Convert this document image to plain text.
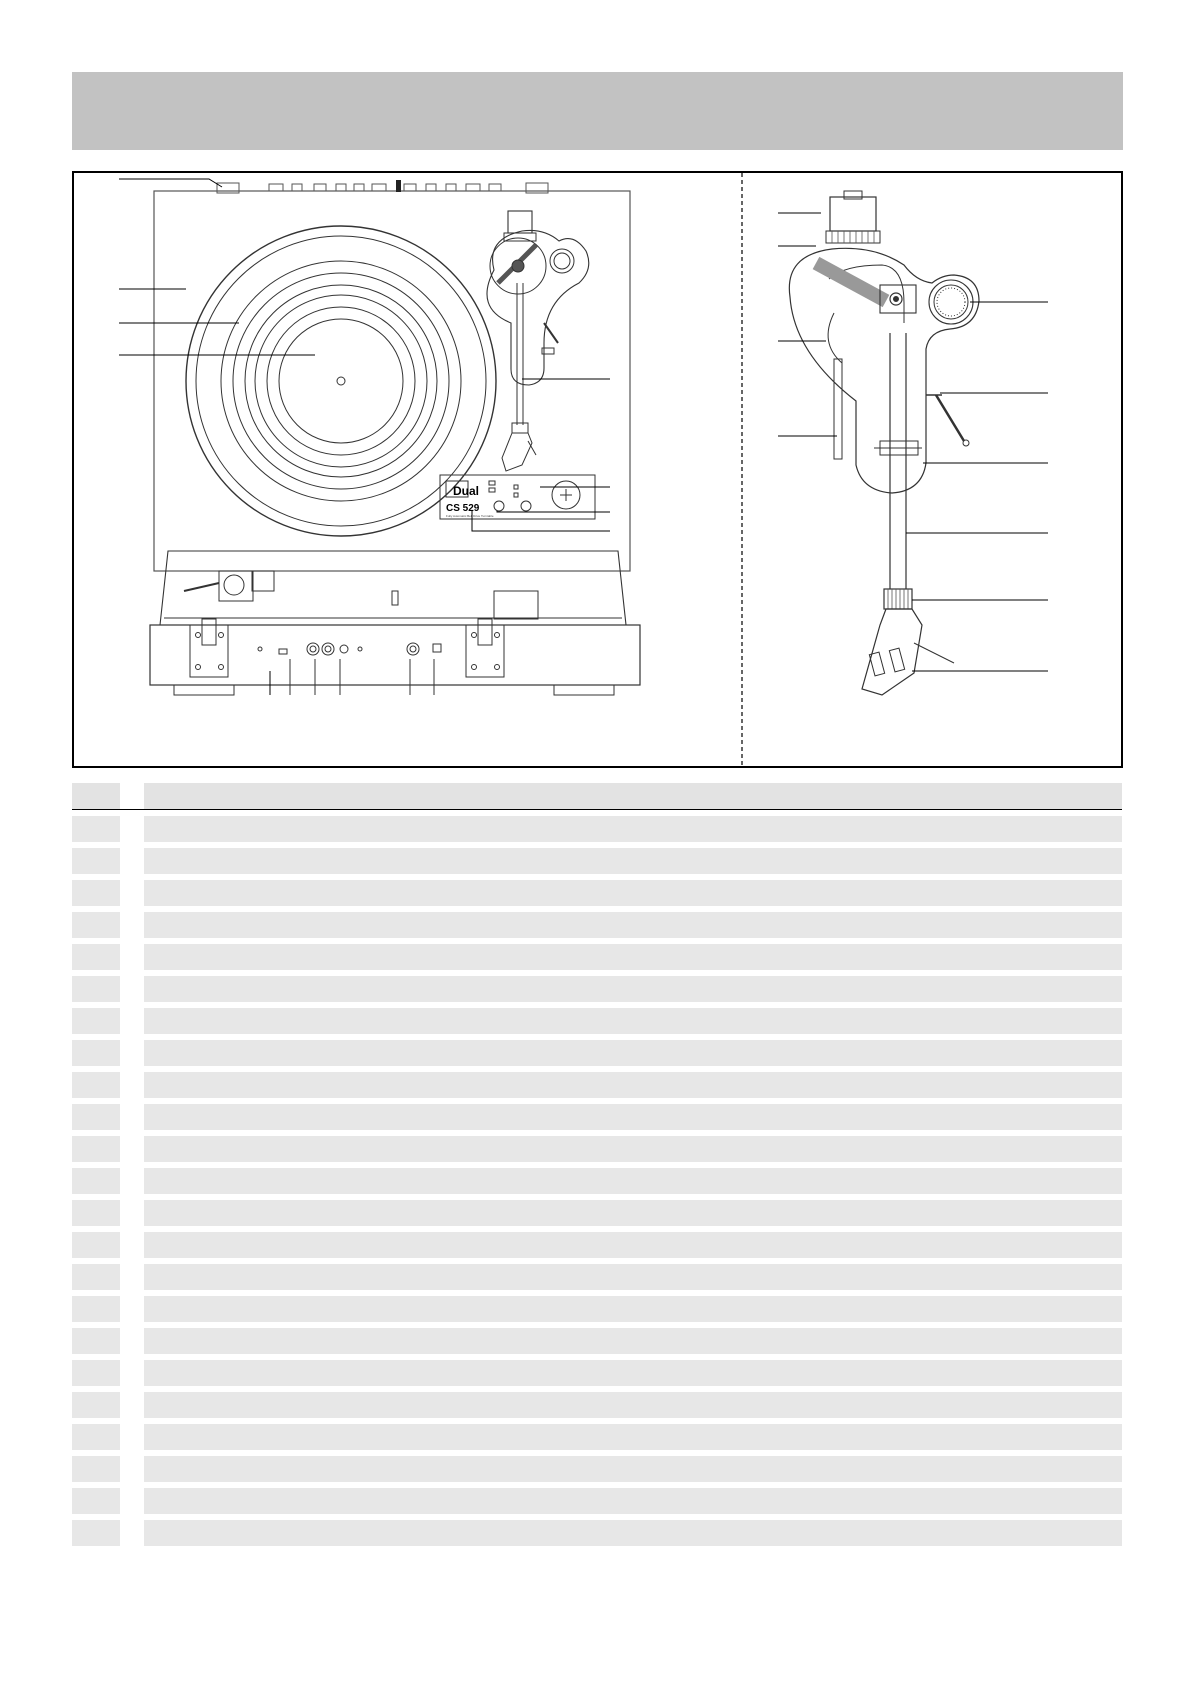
Dual
CS 529
Fully Automatic Belt Drive Turntable
